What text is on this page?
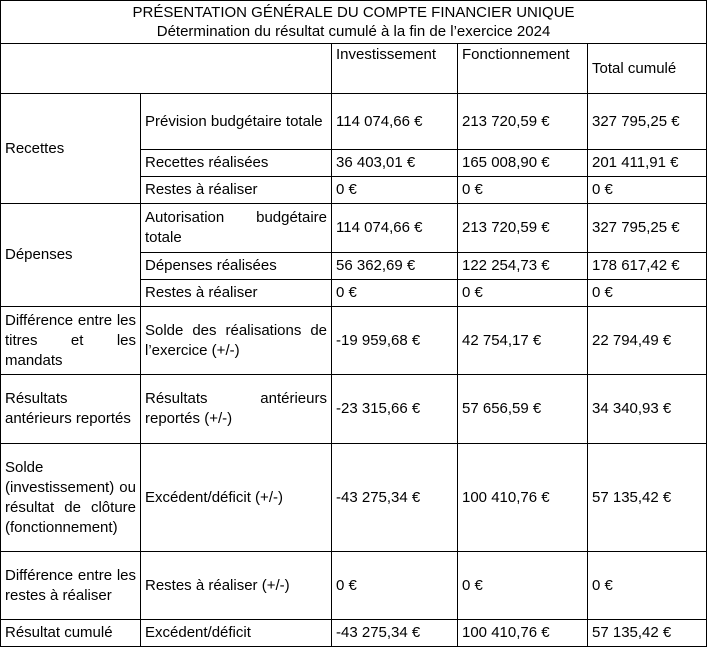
PRÉSENTATION GÉNÉRALE DU COMPTE FINANCIER UNIQUE
Détermination du résultat cumulé à la fin de l’exercice 2024				

		Investissement	Fonctionnement	Total cumulé
Recettes	Prévision budgétaire totale	114 074,66 €	213 720,59 €	327 795,25 €
	Recettes réalisées	36 403,01 €	165 008,90 €	201 411,91 €
	Restes à réaliser	0 €	0 €	0 €
Dépenses	Autorisation budgétaire totale	114 074,66 €	213 720,59 €	327 795,25 €
	Dépenses réalisées	56 362,69 €	122 254,73 €	178 617,42 €
	Restes à réaliser	0 €	0 €	0 €
Différence entre les titres et les mandats	Solde des réalisations de l’exercice (+/-)	-19 959,68 €	42 754,17 €	22 794,49 €
Résultats antérieurs reportés	Résultats antérieurs reportés (+/-)	-23 315,66 €	57 656,59 €	34 340,93 €
Solde (investissement) ou résultat de clôture (fonctionnement)	Excédent/déficit (+/-)	-43 275,34 €	100 410,76 €	57 135,42 €
Différence entre les restes à réaliser	Restes à réaliser (+/-)	0 €	0 €	0 €
Résultat cumulé	Excédent/déficit	-43 275,34 €	100 410,76 €	57 135,42 €
